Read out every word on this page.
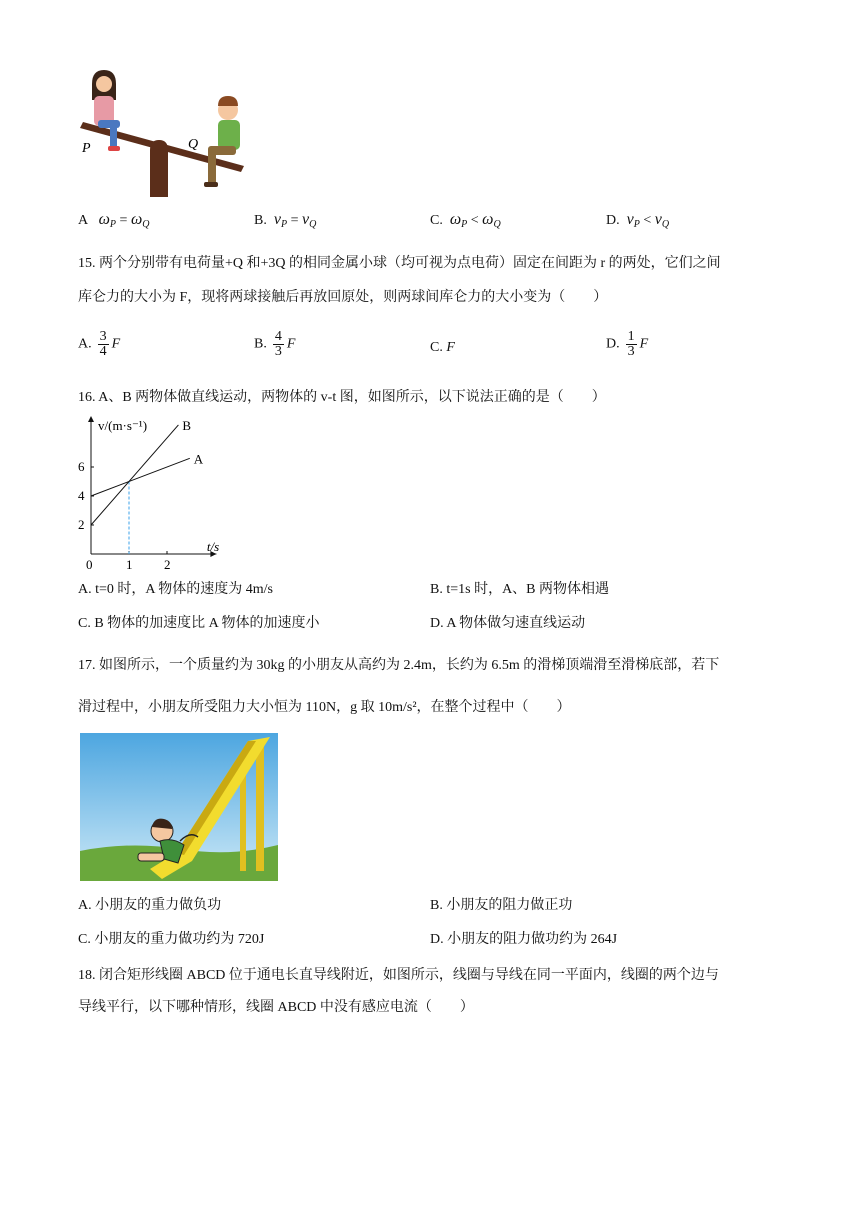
P	Q
A $\omega_P = \omega_Q$	B. $v_P = v_Q$	C. $\omega_P < \omega_Q$	D. $v_P < v_Q$
15. 两个分别带有电荷量+Q 和+3Q 的相同金属小球（均可视为点电荷）固定在间距为 r 的两处，它们之间
库仑力的大小为 F，现将两球接触后再放回原处，则两球间库仑力的大小变为（　　）
A. $\frac{3}{4}$ F	B. $\frac{4}{3}$ F	C. F	D. $\frac{1}{3}$ F
16. A、B 两物体做直线运动，两物体的 v-t 图，如图所示，以下说法正确的是（　　）
0	1 2
2
4
6
v/(m·s⁻¹)
t/s
A
B
A. t=0 时，A 物体的速度为 4m/s	B. t=1s 时，A、B 两物体相遇
C. B 物体的加速度比 A 物体的加速度小	D. A 物体做匀速直线运动
17. 如图所示，一个质量约为 30kg 的小朋友从高约为 2.4m，长约为 6.5m 的滑梯顶端滑至滑梯底部，若下
滑过程中，小朋友所受阻力大小恒为 110N，g 取 10m/s²，在整个过程中（　　）
A. 小朋友的重力做负功	B. 小朋友的阻力做正功
C. 小朋友的重力做功约为 720J	D. 小朋友的阻力做功约为 264J
18. 闭合矩形线圈 ABCD 位于通电长直导线附近，如图所示，线圈与导线在同一平面内，线圈的两个边与
导线平行，以下哪种情形，线圈 ABCD 中没有感应电流（　　）
